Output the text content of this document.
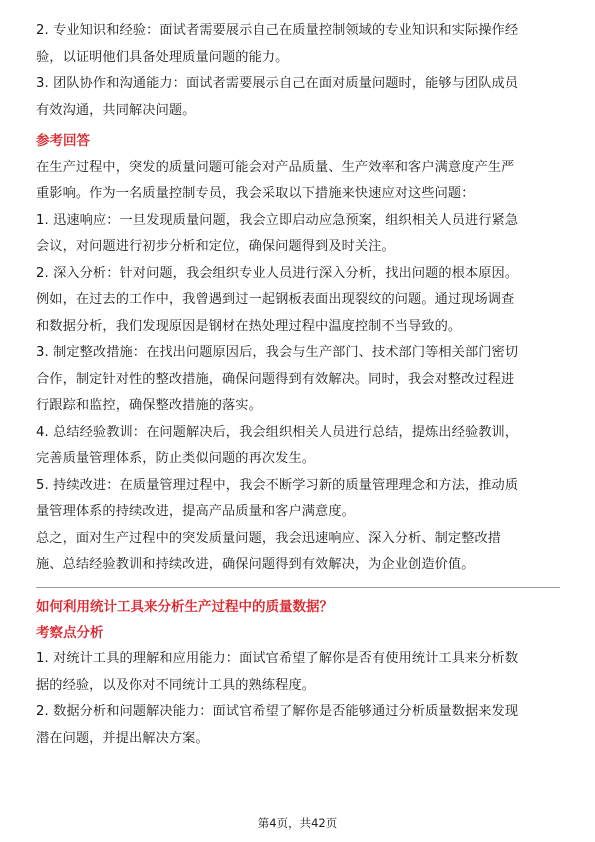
2. 专业知识和经验：面试者需要展示自己在质量控制领域的专业知识和实际操作经

验，以证明他们具备处理质量问题的能力。

3. 团队协作和沟通能力：面试者需要展示自己在面对质量问题时，能够与团队成员

有效沟通，共同解决问题。

参考回答

在生产过程中，突发的质量问题可能会对产品质量、生产效率和客户满意度产生严

重影响。作为一名质量控制专员，我会采取以下措施来快速应对这些问题：

1. 迅速响应：一旦发现质量问题，我会立即启动应急预案，组织相关人员进行紧急

会议，对问题进行初步分析和定位，确保问题得到及时关注。

2. 深入分析：针对问题，我会组织专业人员进行深入分析，找出问题的根本原因。

例如，在过去的工作中，我曾遇到过一起钢板表面出现裂纹的问题。通过现场调查

和数据分析，我们发现原因是钢材在热处理过程中温度控制不当导致的。

3. 制定整改措施：在找出问题原因后，我会与生产部门、技术部门等相关部门密切

合作，制定针对性的整改措施，确保问题得到有效解决。同时，我会对整改过程进

行跟踪和监控，确保整改措施的落实。

4. 总结经验教训：在问题解决后，我会组织相关人员进行总结，提炼出经验教训，

完善质量管理体系，防止类似问题的再次发生。

5. 持续改进：在质量管理过程中，我会不断学习新的质量管理理念和方法，推动质

量管理体系的持续改进，提高产品质量和客户满意度。

总之，面对生产过程中的突发质量问题，我会迅速响应、深入分析、制定整改措

施、总结经验教训和持续改进，确保问题得到有效解决，为企业创造价值。

如何利用统计工具来分析生产过程中的质量数据？
考察点分析

1. 对统计工具的理解和应用能力：面试官希望了解你是否有使用统计工具来分析数

据的经验，以及你对不同统计工具的熟练程度。

2. 数据分析和问题解决能力：面试官希望了解你是否能够通过分析质量数据来发现

潜在问题，并提出解决方案。

第4页，共42页
